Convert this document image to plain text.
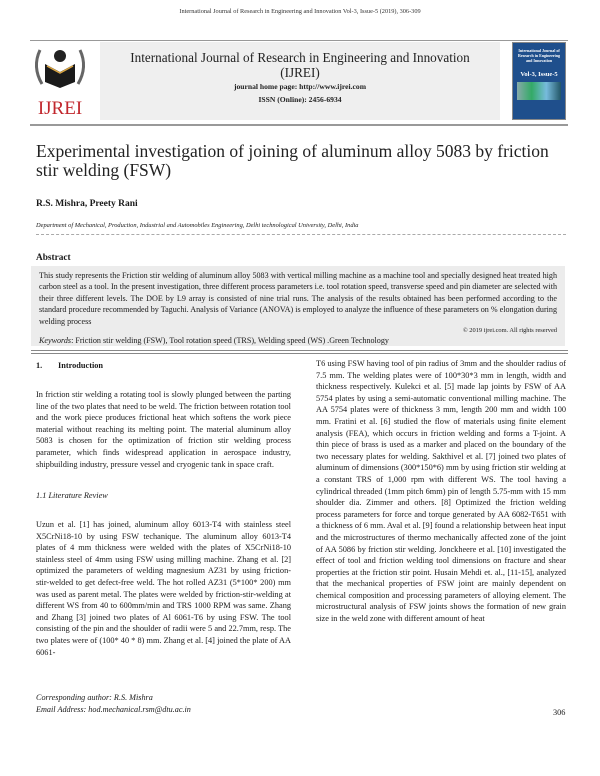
International Journal of Research in Engineering and Innovation Vol-3, Issue-5 (2019), 306-309
IJREI
International Journal of Research in Engineering and Innovation
(IJREI)
journal home page: http://www.ijrei.com
ISSN (Online): 2456-6934
International Journal of Research in Engineering and Innovation
Vol-3, Issue-5
Experimental investigation of joining of aluminum alloy 5083 by friction stir welding (FSW)
R.S. Mishra, Preety Rani
Department of Mechanical, Production, Industrial and Automobiles Engineering, Delhi technological University, Delhi, India
Abstract

This study represents the Friction stir welding of aluminum alloy 5083 with vertical milling machine as a machine tool and specially designed heat treated high carbon steel as a tool. In the present investigation, three different process parameters i.e. tool rotation speed, transverse speed and pin diameter are selected with their three different levels. The DOE by L9 array is consisted of nine trial runs. The analysis of the results obtained has been performed according to the standard procedure recommended by Taguchi. Analysis of Variance (ANOVA) is employed to analyze the influence of these parameters on % elongation during welding process

© 2019 ijrei.com. All rights reserved
Keywords: Friction stir welding (FSW), Tool rotation speed (TRS), Welding speed (WS) .Green Technology
1. Introduction

In friction stir welding a rotating tool is slowly plunged between the parting line of the two plates that need to be weld. The friction between rotation tool and the work piece produces frictional heat which softens the work piece material without reaching its melting point. The material aluminum alloy 5083 is chosen for the optimization of friction stir welding process parameter, which finds widespread application in aerospace industry, shipbuilding industry, pressure vessel and cryogenic tank in space craft.

1.1 Literature Review

Uzun et al. [1] has joined, aluminum alloy 6013-T4 with stainless steel X5CrNi18-10 by using FSW techanique. The aluminum alloy 6013-T4 plates of 4 mm thickness were welded with the plates of X5CrNi18-10 stainless steel of 4mm using FSW using milling machine. Zhang et al. [2] optimized the parameters of welding magnesium AZ31 by using friction-stir-welded to get defect-free weld. The hot rolled AZ31 (5*100* 200) mm was used as parent metal. The plates were welded by friction-stir-welding at different WS from 40 to 600mm/min and TRS 1000 RPM was same. Zhang and Zhang [3] joined two plates of Al 6061-T6 by using FSW. The tool consisting of the pin and the shoulder of radii were 5 and 22.7mm, resp. The two plates were of (100* 40 * 8) mm. Zhang et al. [4] joined the plate of AA 6061-

T6 using FSW having tool of pin radius of 3mm and the shoulder radius of 7.5 mm. The welding plates were of 100*30*3 mm in length, width and thickness respectively. Kulekci et al. [5] made lap joints by FSW of AA 5754 plates by using a semi-automatic conventional milling machine. The AA 5754 plates were of thickness 3 mm, length 200 mm and width 100 mm. Fratini et al. [6] studied the flow of materials using finite element analysis (FEA), which occurs in friction welding and forms a T-joint. A thin piece of brass is used as a marker and placed on the boundary of the two necessary plates for welding. Sakthivel et al. [7] joined two plates of aluminum of dimensions (300*150*6) mm by using friction stir welding at a constant TRS of 1,000 rpm with different WS. The tool having a cylindrical threaded (1mm pitch 6mm) pin of length 5.75-mm with 15 mm shoulder dia. Zimmer and others. [8] Optimized the friction welding process parameters for force and torque generated by AA 6082-T651 with a thickness of 6 mm. Aval et al. [9] found a relationship between heat input and the microstructures of thermo mechanically affected zone of the joint of AA 5086 by friction stir welding. Jonckheere et al. [10] investigated the effect of tool and friction welding tool dimensions on fracture and shear properties at the friction stir point. Husain Mehdi et. al., [11-15], analyzed that the mechanical properties of FSW joint are mainly dependent on chemical composition and processing parameters of alloying element. The microstructural analysis of FSW joints shows the formation of new grain size in the weld zone with different amount of heat

Corresponding author: R.S. Mishra
Email Address: hod.mechanical.rsm@dtu.ac.in	306
